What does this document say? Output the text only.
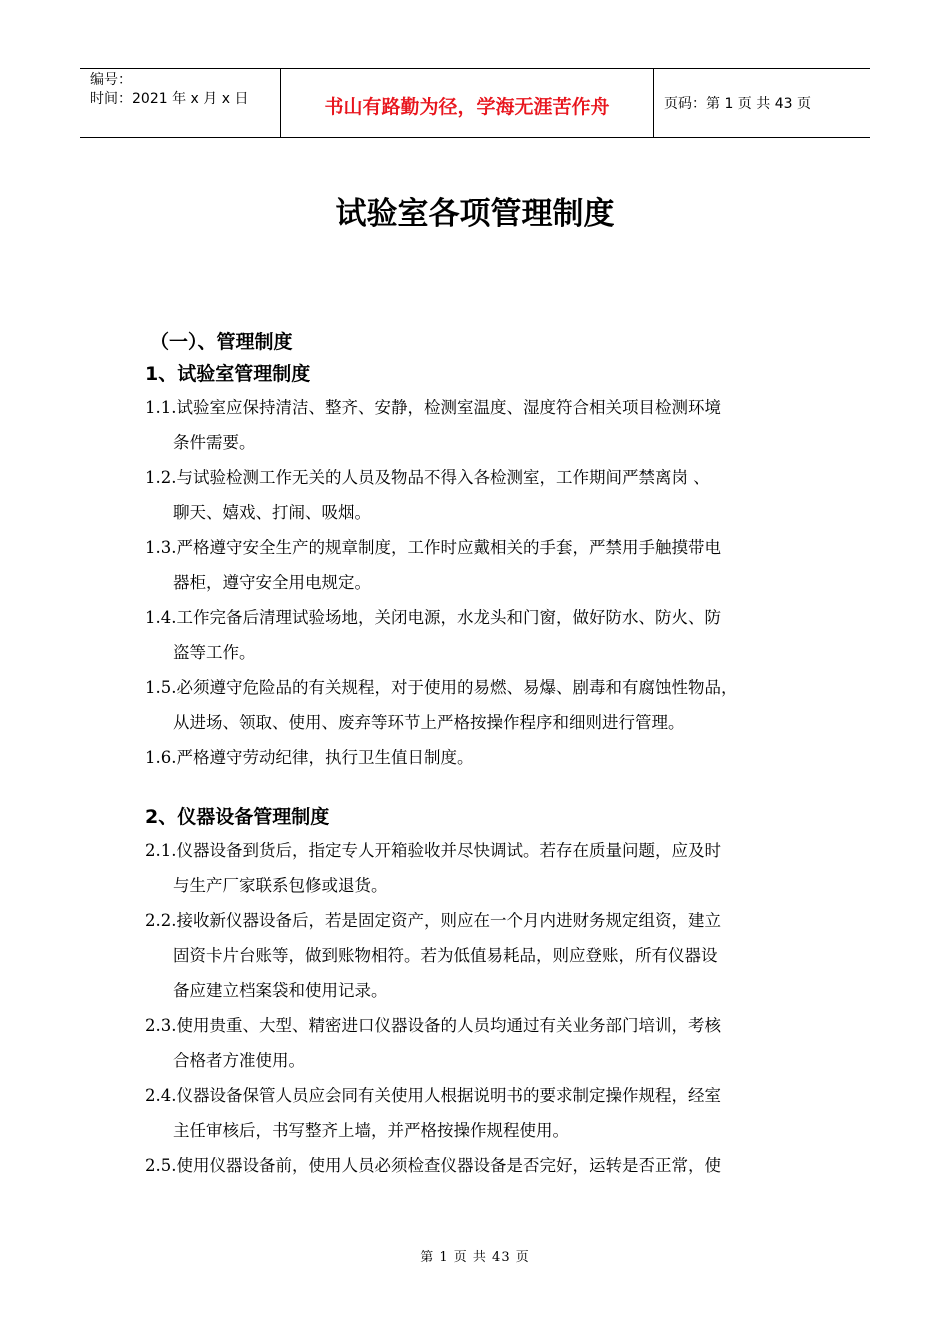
编号：
时间：2021 年 x 月 x 日	书山有路勤为径，学海无涯苦作舟	页码：第 1 页 共 43 页
试验室各项管理制度
（一）、管理制度
1、试验室管理制度
1.1.试验室应保持清洁、整齐、安静，检测室温度、湿度符合相关项目检测环境
条件需要。
1.2.与试验检测工作无关的人员及物品不得入各检测室，工作期间严禁离岗 、
聊天、嬉戏、打闹、吸烟。
1.3.严格遵守安全生产的规章制度，工作时应戴相关的手套，严禁用手触摸带电
器柜，遵守安全用电规定。
1.4.工作完备后清理试验场地，关闭电源，水龙头和门窗，做好防水、防火、防
盗等工作。
1.5.必须遵守危险品的有关规程，对于使用的易燃、易爆、剧毒和有腐蚀性物品，
从进场、领取、使用、废弃等环节上严格按操作程序和细则进行管理。
1.6.严格遵守劳动纪律，执行卫生值日制度。
2、仪器设备管理制度
2.1.仪器设备到货后，指定专人开箱验收并尽快调试。若存在质量问题，应及时
与生产厂家联系包修或退货。
2.2.接收新仪器设备后，若是固定资产，则应在一个月内进财务规定组资，建立
固资卡片台账等，做到账物相符。若为低值易耗品，则应登账，所有仪器设
备应建立档案袋和使用记录。
2.3.使用贵重、大型、精密进口仪器设备的人员均通过有关业务部门培训，考核
合格者方准使用。
2.4.仪器设备保管人员应会同有关使用人根据说明书的要求制定操作规程，经室
主任审核后，书写整齐上墙，并严格按操作规程使用。
2.5.使用仪器设备前，使用人员必须检查仪器设备是否完好，运转是否正常，使
第 1 页 共 43 页
